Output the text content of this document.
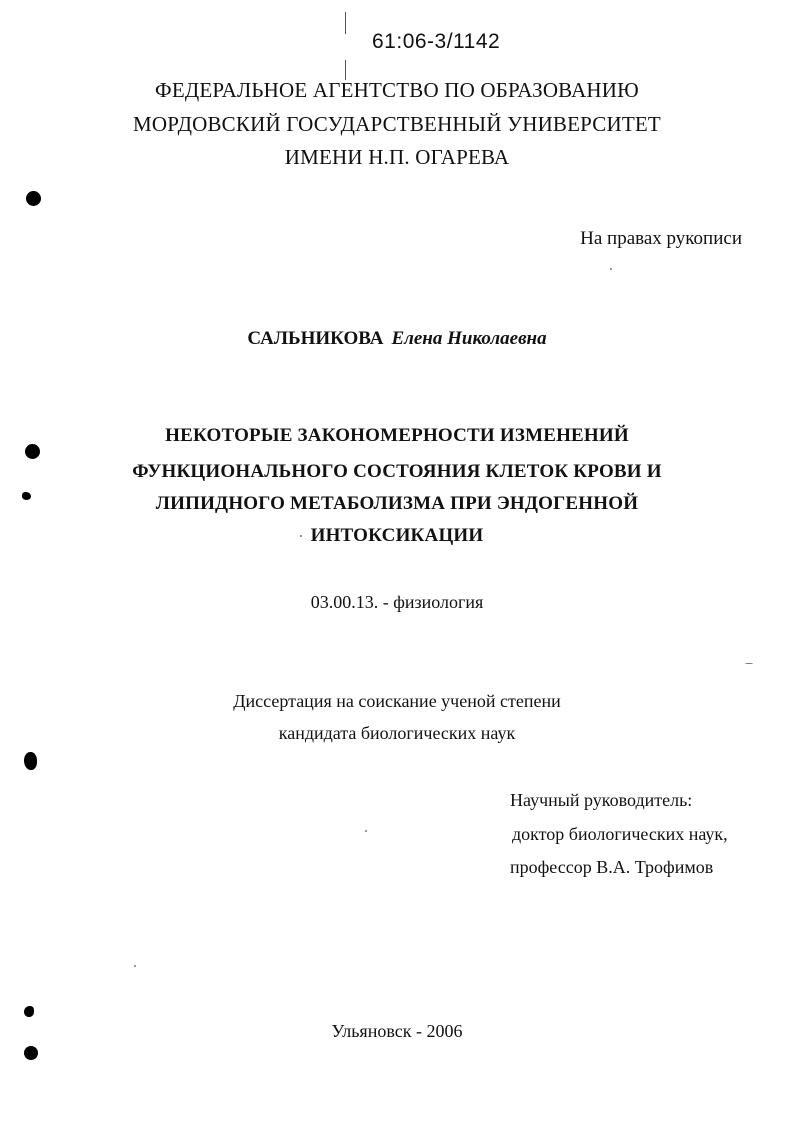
61:06-3/1142
ФЕДЕРАЛЬНОЕ АГЕНТСТВО ПО ОБРАЗОВАНИЮ
МОРДОВСКИЙ ГОСУДАРСТВЕННЫЙ УНИВЕРСИТЕТ
ИМЕНИ Н.П. ОГАРЕВА
На правах рукописи
САЛЬНИКОВА Елена Николаевна
НЕКОТОРЫЕ ЗАКОНОМЕРНОСТИ ИЗМЕНЕНИЙ
ФУНКЦИОНАЛЬНОГО СОСТОЯНИЯ КЛЕТОК КРОВИ И
ЛИПИДНОГО МЕТАБОЛИЗМА ПРИ ЭНДОГЕННОЙ
ИНТОКСИКАЦИИ
03.00.13. - физиология
Диссертация на соискание ученой степени
кандидата биологических наук
Научный руководитель:
доктор биологических наук,
профессор В.А. Трофимов
Ульяновск - 2006
